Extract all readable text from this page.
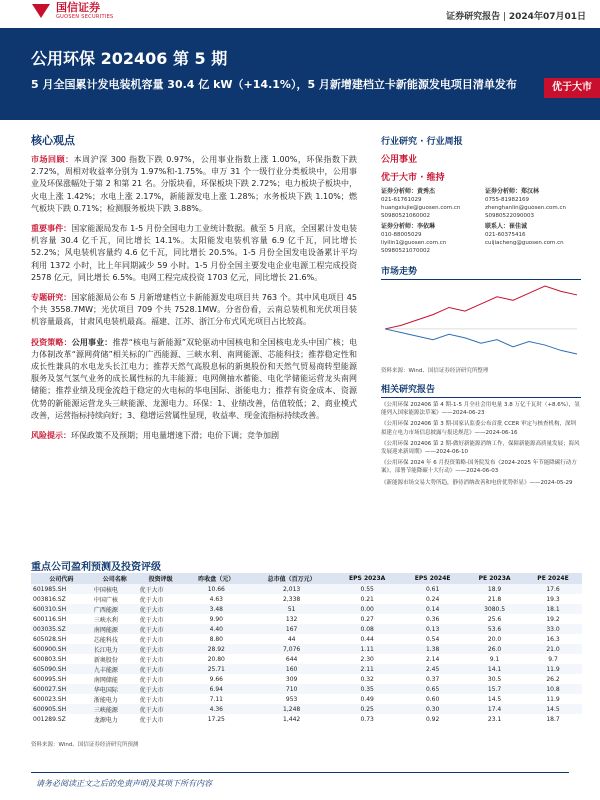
国信证券
GUOSEN SECURITIES	证券研究报告 | 2024年07月01日
公用环保 202406 第 5 期
5 月全国累计发电装机容量 30.4 亿 kW（+14.1%），5 月新增建档立卡新能源发电项目清单发布	优于大市
核心观点

市场回顾：本周沪深 300 指数下跌 0.97%，公用事业指数上涨 1.00%，环保指数下跌 2.72%，周相对收益率分别为 1.97%和-1.75%。申万 31 个一级行业分类板块中，公用事业及环保涨幅处于第 2 和第 21 名。分版块看，环保板块下跌 2.72%；电力板块子板块中，火电上涨 1.42%；水电上涨 2.17%，新能源发电上涨 1.28%；水务板块下跌 1.10%；燃气板块下跌 0.71%；检测服务板块下跌 3.88%。

重要事件：国家能源局发布 1-5 月份全国电力工业统计数据。截至 5 月底，全国累计发电装机容量 30.4 亿千瓦，同比增长 14.1%。太阳能发电装机容量 6.9 亿千瓦，同比增长 52.2%；风电装机容量约 4.6 亿千瓦，同比增长 20.5%。1-5 月份全国发电设备累计平均利用 1372 小时，比上年同期减少 59 小时。1-5 月份全国主要发电企业电源工程完成投资 2578 亿元，同比增长 6.5%。电网工程完成投资 1703 亿元，同比增长 21.6%。

专题研究：国家能源局公布 5 月新增建档立卡新能源发电项目共 763 个。其中风电项目 45 个共 3558.7MW；光伏项目 709 个共 7528.1MW。分省份看，云南总装机和光伏项目装机容量最高，甘肃风电装机最高。福建、江苏、浙江分布式风光项目占比较高。

投资策略：公用事业：推荐“核电与新能源”双轮驱动中国核电和全国核电龙头中国广核；电力体制改革“源网荷储”相关标的广西能源、三峡水利、南网能源、芯能科技；推荐稳定性和成长性兼具的水电龙头长江电力；推荐天然气高股息标的新奥股份和天然气贸易商转型能源服务及氢气氢气业务的成长属性标的九丰能源；电网侧抽水蓄能、电化学储能运营龙头南网储能；推荐业绩及现金流趋于稳定的火电标的华电国际、浙能电力；推荐有资金成本、资源优势的新能源运营龙头三峡能源、龙源电力。环保：1、业绩改善，估值较低；2、商业模式改善，运营指标持续向好；3、稳增运营属性显现，收益率、现金流指标持续改善。

风险提示：环保政策不及预期；用电量增速下滑；电价下调；竞争加剧

行业研究 · 行业周报
公用事业
优于大市 · 维持
证券分析师：黄秀杰
021-61761029
huangxiujie@guosen.com.cn
S0980521060002
证券分析师：郑汉林
0755-81982169
zhenghanlin@guosen.com.cn
S0980522090003
证券分析师：李依琳
010-88005029
liyilin1@guosen.com.cn
S0980521070002
联系人：崔佳诚
021-60375416
cuijiacheng@guosen.com.cn
市场走势
资料来源：Wind、国信证券经济研究所整理
相关研究报告
《公用环保 202406 第 4 期-1-5 月全社会用电量 3.8 万亿千瓦时（+8.6%），氢能列入国家能源法草案》——2024-06-23
《公用环保 202406 第 3 期-国家认监委公布首批 CCER 审定与核查机构，深圳拟建立电力市场信息披露与报送规范》——2024-06-16
《公用环保 202406 第 2 期-做好新能源消纳工作，保障新能源高质量发展；海风发展迎来新周期》——2024-06-10
《公用环保 2024 年 6 月投资策略-国务院发布《2024-2025 年节能降碳行动方案》，部署节能降碳十大行动》——2024-06-03
《新能源市场交易大势所趋，静待消纳改善和电价优势彰显》——2024-05-29
重点公司盈利预测及投资评级
公司代码	公司名称	投资评级	昨收盘（元）	总市值（百万元）	EPS 2023A	EPS 2024E	PE 2023A	PE 2024E
601985.SH	中国核电	优于大市	10.66	2,013	0.55	0.61	18.9	17.6
003816.SZ	中国广核	优于大市	4.63	2,338	0.21	0.24	21.8	19.3
600310.SH	广西能源	优于大市	3.48	51	0.00	0.14	3080.5	18.1
600116.SH	三峡水利	优于大市	9.90	132	0.27	0.36	25.6	19.2
003035.SZ	南网能源	优于大市	4.40	167	0.08	0.13	53.6	33.0
605028.SH	芯能科技	优于大市	8.80	44	0.44	0.54	20.0	16.3
600900.SH	长江电力	优于大市	28.92	7,076	1.11	1.38	26.0	21.0
600803.SH	新奥股份	优于大市	20.80	644	2.30	2.14	9.1	9.7
605090.SH	九丰能源	优于大市	25.71	160	2.11	2.45	14.1	11.9
600995.SH	南网储能	优于大市	9.66	309	0.32	0.37	30.5	26.2
600027.SH	华电国际	优于大市	6.94	710	0.35	0.65	15.7	10.8
600023.SH	浙能电力	优于大市	7.11	953	0.49	0.60	14.5	11.9
600905.SH	三峡能源	优于大市	4.36	1,248	0.25	0.30	17.4	14.5
001289.SZ	龙源电力	优于大市	17.25	1,442	0.73	0.92	23.1	18.7
资料来源：Wind、国信证券经济研究所预测
请务必阅读正文之后的免责声明及其项下所有内容
